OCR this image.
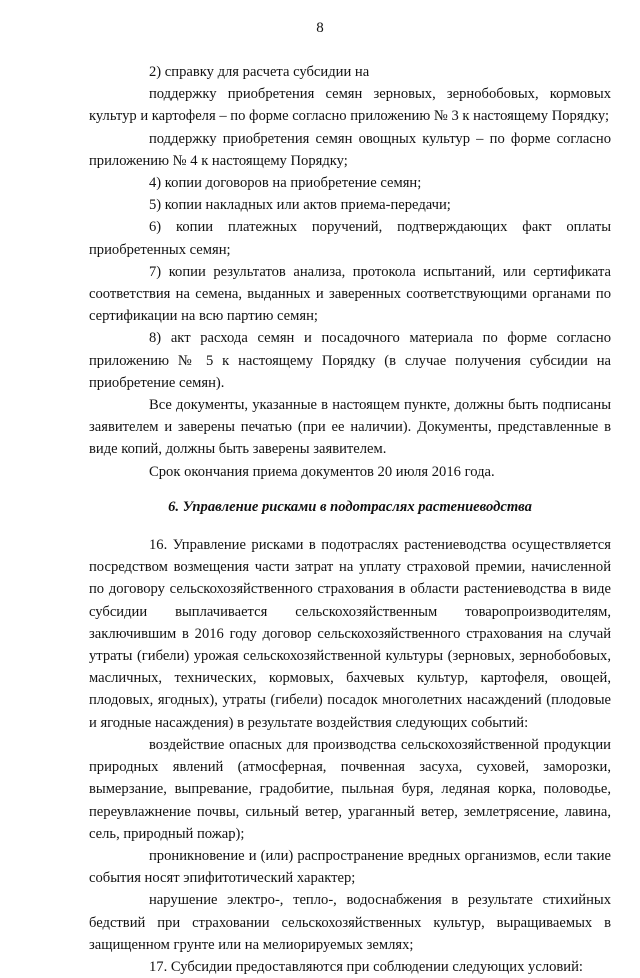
8

2) справку для расчета субсидии на

поддержку приобретения семян зерновых, зернобобовых, кормовых культур и картофеля – по форме согласно приложению № 3 к настоящему Порядку;

поддержку приобретения семян овощных культур – по форме согласно приложению № 4 к настоящему Порядку;

4) копии договоров на приобретение семян;

5) копии накладных или актов приема-передачи;

6) копии платежных поручений, подтверждающих факт оплаты приобретенных семян;

7) копии результатов анализа, протокола испытаний, или сертификата соответствия на семена, выданных и заверенных соответствующими органами по сертификации на всю партию семян;

8) акт расхода семян и посадочного материала по форме согласно приложению № 5 к настоящему Порядку (в случае получения субсидии на приобретение семян).

Все документы, указанные в настоящем пункте, должны быть подписаны заявителем и заверены печатью (при ее наличии). Документы, представленные в виде копий, должны быть заверены заявителем.

Срок окончания приема документов 20 июля 2016 года.

6. Управление рисками в подотраслях растениеводства

16. Управление рисками в подотраслях растениеводства осуществляется посредством возмещения части затрат на уплату страховой премии, начисленной по договору сельскохозяйственного страхования в области растениеводства в виде субсидии выплачивается сельскохозяйственным товаропроизводителям, заключившим в 2016 году договор сельскохозяйственного страхования на случай утраты (гибели) урожая сельскохозяйственной культуры (зерновых, зернобобовых, масличных, технических, кормовых, бахчевых культур, картофеля, овощей, плодовых, ягодных), утраты (гибели) посадок многолетних насаждений (плодовые и ягодные насаждения) в результате воздействия следующих событий:

воздействие опасных для производства сельскохозяйственной продукции природных явлений (атмосферная, почвенная засуха, суховей, заморозки, вымерзание, выпревание, градобитие, пыльная буря, ледяная корка, половодье, переувлажнение почвы, сильный ветер, ураганный ветер, землетрясение, лавина, сель, природный пожар);

проникновение и (или) распространение вредных организмов, если такие события носят эпифитотический характер;

нарушение электро-, тепло-, водоснабжения в результате стихийных бедствий при страховании сельскохозяйственных культур, выращиваемых в защищенном грунте или на мелиорируемых землях;

17. Субсидии предоставляются при соблюдении следующих условий:
